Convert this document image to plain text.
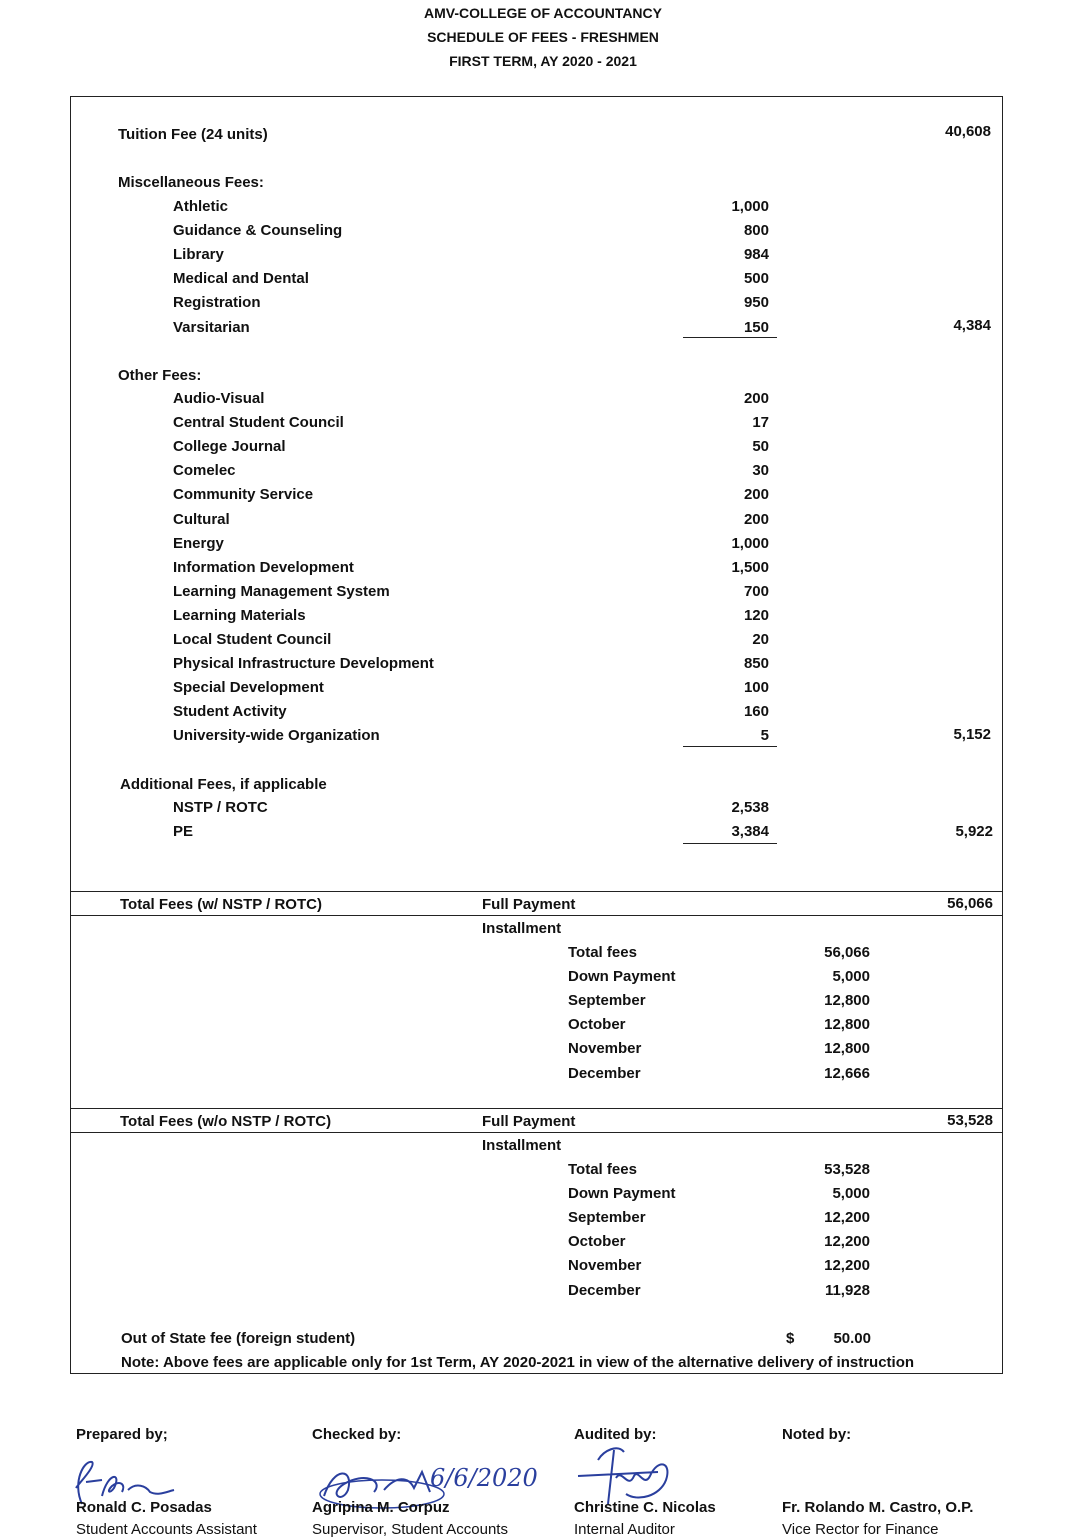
AMV-COLLEGE OF ACCOUNTANCY
SCHEDULE OF FEES - FRESHMEN
FIRST TERM, AY 2020 - 2021
Tuition Fee (24 units)	40,608
Miscellaneous Fees:
Athletic	1,000
Guidance & Counseling	800
Library	984
Medical and Dental	500
Registration	950
Varsitarian	150	4,384
Other Fees:
Audio-Visual	200
Central Student Council	17
College Journal	50
Comelec	30
Community Service	200
Cultural	200
Energy	1,000
Information Development	1,500
Learning Management System	700
Learning Materials	120
Local Student Council	20
Physical Infrastructure Development	850
Special Development	100
Student Activity	160
University-wide Organization	5	5,152
Additional Fees, if applicable
NSTP / ROTC	2,538
PE	3,384	5,922
Total Fees (w/ NSTP / ROTC)	Full Payment	56,066
Installment
Total fees	56,066
Down Payment	5,000
September	12,800
October	12,800
November	12,800
December	12,666
Total Fees (w/o NSTP / ROTC)	Full Payment	53,528
Installment
Total fees	53,528
Down Payment	5,000
September	12,200
October	12,200
November	12,200
December	11,928
Out of State fee (foreign student)	$	50.00
Note: Above fees are applicable only for 1st Term, AY 2020-2021 in view of the alternative delivery of instruction
Prepared by;	Checked by:	Audited by:	Noted by:
6/6/2020
Ronald C. Posadas	Agripina M. Corpuz	Christine C. Nicolas	Fr. Rolando M. Castro, O.P.
Student Accounts Assistant	Supervisor, Student Accounts	Internal Auditor	Vice Rector for Finance
